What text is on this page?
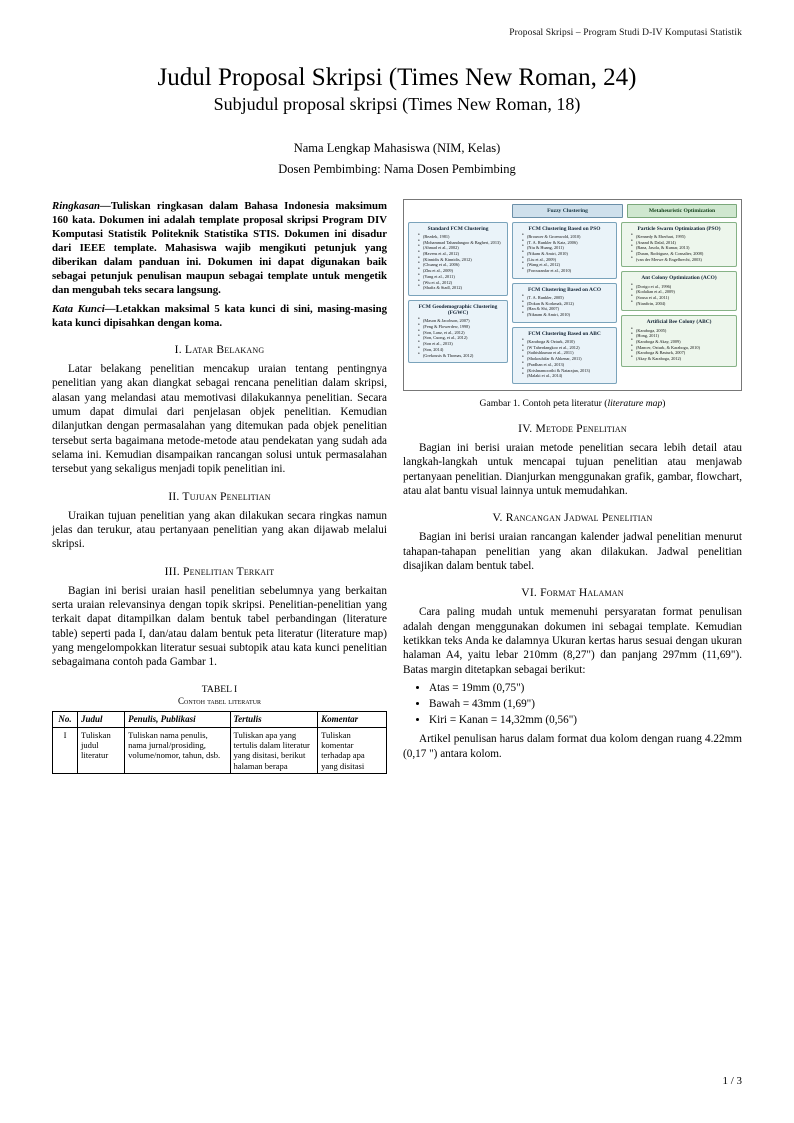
Proposal Skripsi – Program Studi D-IV Komputasi Statistik
Judul Proposal Skripsi (Times New Roman, 24)
Subjudul proposal skripsi (Times New Roman, 18)
Nama Lengkap Mahasiswa (NIM, Kelas)
Dosen Pembimbing: Nama Dosen Pembimbing

Ringkasan—Tuliskan ringkasan dalam Bahasa Indonesia maksimum 160 kata. Dokumen ini adalah template proposal skripsi Program DIV Komputasi Statistik Politeknik Statistika STIS. Dokumen ini disadur dari IEEE template. Mahasiswa wajib mengikuti petunjuk yang diberikan dalam panduan ini. Dokumen ini dapat digunakan baik sebagai petunjuk penulisan maupun sebagai template untuk mengetik dan mengubah teks secara langsung.

Kata Kunci—Letakkan maksimal 5 kata kunci di sini, masing-masing kata kunci dipisahkan dengan koma.

I. Latar Belakang

Latar belakang penelitian mencakup uraian tentang pentingnya penelitian yang akan diangkat sebagai rencana penelitian dalam skripsi, alasan yang melandasi atau memotivasi dilakukannya penelitian. Secara umum dapat dimulai dari penjelasan objek penelitian. Kemudian dilanjutkan dengan permasalahan yang ditemukan pada objek penelitian tersebut serta bagaimana metode-metode atau pendekatan yang sudah ada selama ini. Kemudian disampaikan rancangan solusi untuk permasalahan tersebut yang sekaligus menjadi topik penelitian ini.

II. Tujuan Penelitian

Uraikan tujuan penelitian yang akan dilakukan secara ringkas namun jelas dan terukur, atau pertanyaan penelitian yang akan dijawab melalui skripsi.

III. Penelitian Terkait

Bagian ini berisi uraian hasil penelitian sebelumnya yang berkaitan serta uraian relevansinya dengan topik skripsi. Penelitian-penelitian yang terkait dapat ditampilkan dalam bentuk tabel perbandingan (literature table) seperti pada I, dan/atau dalam bentuk peta literatur (literature map) yang mengelompokkan literatur sesuai subtopik atau kata kunci penelitian sebagaimana contoh pada Gambar 1.

TABEL I
Contoh tabel literatur
No.	Judul	Penulis, Publikasi	Tertulis	Komentar
I	Tuliskan judul literatur	Tuliskan nama penulis, nama jurnal/prosiding, volume/nomor, tahun, dsb.	Tuliskan apa yang tertulis dalam literatur yang disitasi, berikut halaman berapa	Tuliskan komentar terhadap apa yang disitasi
Fuzzy Clustering	Metaheuristic Optimization
Standard FCM Clustering
• (Bezdek, 1981)
• (Mohammad Tahandangoo & Bagheri, 2013)
• (Ahmad et al., 2002)
• (Havens et al., 2012)
• (Kinnidis & Kinnidis, 2012)
• (Chuang et al., 2006)
• (Zhu et al., 2009)
• (Yang et al., 2011)
• (Wu et al., 2012)
• (Shafiz & Stadl, 2012)
FCM Geodemographic Clustering (FGWC)
• (Mason & Jacobson, 2007)
• (Feng & Flowerdew, 1998)
• (Son, Lanz, et al., 2012)
• (Son, Cuong, et al., 2012)
• (Son et al., 2013)
• (Son, 2014)
• (Grekousis & Thomas, 2012)
FCM Clustering Based on PSO
• (Brouwer & Groenwold, 2010)
• (T. A. Runkler & Katz, 2006)
• (Niu & Huang, 2011)
• (Nikam & Amiri, 2010)
• (Liu et al., 2009)
• (Wang et al., 2012)
• (Forouzanfar et al., 2010)
FCM Clustering Based on ACO
• (T. A. Runkler, 2005)
• (Dokan & Korkmak, 2012)
• (Han & Shi, 2007)
• (Niknam & Amiri, 2010)
FCM Clustering Based on ABC
• (Karaboga & Ozturk, 2010)
• (W Taherdangkoo et al., 2012)
• (Sathishkumar et al., 2011)
• (Shokouhifar & Abkenar, 2011)
• (Pradhan et al., 2013)
• (Krishnamoorthi & Natarajan, 2013)
• (Malaki et al., 2014)
Particle Swarm Optimization (PSO)
• (Kennedy & Eberhart, 1995)
• (Anand & Dalal, 2014)
• (Rana, Jasola, & Kumar, 2013)
• (Duran, Rodriguez, & Consalter, 2008)
• (van der Merwe & Engelbrecht, 2003)
Ant Colony Optimization (ACO)
• (Dorigo et al., 1996)
• (Kodalian et al., 2009)
• (Sousa et al., 2011)
• (Nianfirin, 2004)
Artificial Bee Colony (ABC)
• (Karaboga, 2005)
• (Hong, 2011)
• (Karaboga & Akay, 2009)
• (Mancer, Ozturk, & Karaboga, 2010)
• (Karaboga & Basturk, 2007)
• (Akay & Karaboga, 2012)
Gambar 1. Contoh peta literatur (literature map)
IV. Metode Penelitian

Bagian ini berisi uraian metode penelitian secara lebih detail atau langkah-langkah untuk mencapai tujuan penelitian atau menjawab pertanyaan penelitian. Dianjurkan menggunakan grafik, gambar, flowchart, atau alat bantu visual lainnya untuk memudahkan.

V. Rancangan Jadwal Penelitian

Bagian ini berisi uraian rancangan kalender jadwal penelitian menurut tahapan-tahapan penelitian yang akan dilakukan. Jadwal penelitian disajikan dalam bentuk tabel.

VI. Format Halaman

Cara paling mudah untuk memenuhi persyaratan format penulisan adalah dengan menggunakan dokumen ini sebagai template. Kemudian ketikkan teks Anda ke dalamnya Ukuran kertas harus sesuai dengan ukuran halaman A4, yaitu lebar 210mm (8,27") dan panjang 297mm (11,69"). Batas margin ditetapkan sebagai berikut:

• Atas = 19mm (0,75")
• Bawah = 43mm (1,69")
• Kiri = Kanan = 14,32mm (0,56")

Artikel penulisan harus dalam format dua kolom dengan ruang 4.22mm (0,17 ") antara kolom.

1 / 3
